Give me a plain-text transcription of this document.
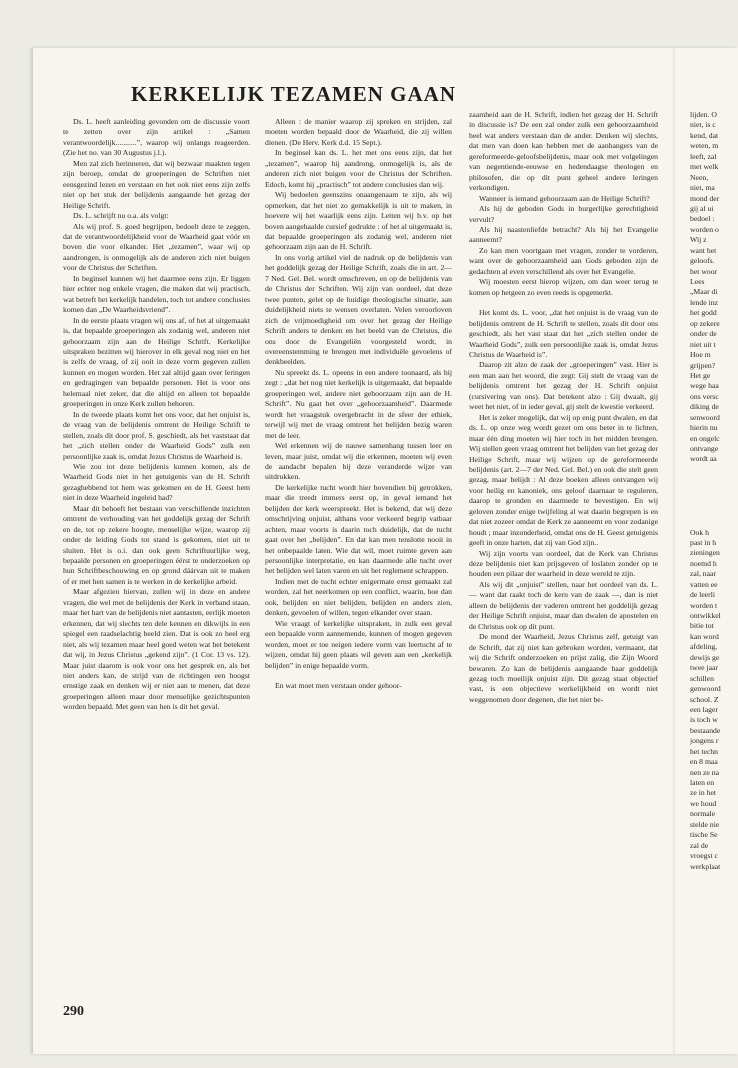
KERKELIJK TEZAMEN GAAN

Ds. L. heeft aanleiding gevonden om de discussie voort te zetten over zijn artikel : „Samen verantwoordelijk...........”, waarop wij onlangs reageerden. (Zie het no. van 30 Augustus j.l.).

Men zal zich herinneren, dat wij bezwaar maakten tegen zijn beroep, omdat de groeperingen de Schriften niet eensgezind lezen en verstaan en het ook niet eens zijn zelfs niet op het stuk der belijdenis aangaande het gezag der Heilige Schrift.

Ds. L. schrijft nu o.a. als volgt:

Als wij prof. S. goed begrijpen, bedoelt deze te zeggen, dat de verantwoordelijkheid voor de Waarheid gaat vóór en boven die voor elkander. Het „tezamen”, waar wij op aandrongen, is onmogelijk als de anderen zich niet buigen voor de Christus der Schriften.

In beginsel kunnen wij het daarmee eens zijn. Er liggen hier echter nog enkele vragen, die maken dat wij practisch, wat betreft het kerkelijk handelen, toch tot andere conclusies komen dan „De Waarheidsvriend”.

In de eerste plaats vragen wij ons af, of het al uitgemaakt is, dat bepaalde groeperingen als zodanig wel, anderen niet gehoorzaam zijn aan de Heilige Schrift. Kerkelijke uitspraken bezitten wij hierover in elk geval nog niet en het is zelfs de vraag, of zij ooit in deze vorm gegeven zullen kunnen en mogen worden. Het zal altijd gaan over leringen en gedragingen van bepaalde personen. Het is voor ons helemaal niet zeker, dat die altijd en alleen tot bepaalde groeperingen in onze Kerk zullen behoren.

In de tweede plaats komt het ons voor, dat het onjuist is, de vraag van de belijdenis omtrent de Heilige Schrift te stellen, zoals dit door prof. S. geschiedt, als het vaststaat dat het „zich stellen onder de Waarheid Gods” zulk een persoonlijke zaak is, omdat Jezus Christus de Waarheid is.

Wie zou tot deze belijdenis kunnen komen, als de Waarheid Gods niet in het getuigenis van de H. Schrift gezaghebbend tot hem was gekomen en de H. Geest hem niet in deze Waarheid ingeleid had?

Maar dit behoeft het bestaan van verschillende inzichten omtrent de verhouding van het goddelijk gezag der Schrift en de, tot op zekere hoogte, menselijke wijze, waarop zij onder de leiding Gods tot stand is gekomen, niet uit te sluiten. Het is o.i. dan ook geen Schriftuurlijke weg, bepaalde personen en groeperingen éérst te onderzoeken op hun Schriftbeschouwing en op grond dáárvan uit te maken of er met hen samen is te werken in de kerkelijke arbeid.

Maar afgezien hiervan, zullen wij in deze en andere vragen, die wel met de belijdenis der Kerk in verband staan, maar het hart van de belijdenis niet aantasten, eerlijk moeten erkennen, dat wij slechts ten dele kennen en dikwijls in een spiegel een raadselachtig beeld zien. Dat is ook zo heel erg niet, als wij tezamen maar heel goed weten wat het betekent dat wij, in Jezus Christus „gekend zijn”. (1 Cor. 13 vs. 12). Maar juist daarom is ook voor ons het gesprek en, als het niet anders kan, de strijd van de richtingen een hoogst ernstige zaak en denken wij er niet aan te menen, dat deze groeperingen alleen maar door menselijke gezichtspunten worden bepaald. Met geen van hen is dit het geval.

Alleen : de manier waarop zij spreken en strijden, zal moeten worden bepaald door de Waarheid, die zij willen dienen. (De Herv. Kerk d.d. 15 Sept.).

In beginsel kan ds. L. het met ons eens zijn, dat het „tezamen”, waarop hij aandrong, onmogelijk is, als de anderen zich niet buigen voor de Christus der Schriften. Edoch, komt hij „practisch” tot andere conclusies dan wij.

Wij bedoelen geenszins onaangenaam te zijn, als wij opmerken, dat het niet zo gemakkelijk is uit te maken, in hoevere wij het waarlijk eens zijn. Letten wij b.v. op het boven aangehaalde cursief gedrukte : of het al uitgemaakt is, dat bepaalde groeperingen als zodanig wel, anderen niet gehoorzaam zijn aan de H. Schrift.

In ons vorig artikel viel de nadruk op de belijdenis van het goddelijk gezag der Heilige Schrift, zoals die in art. 2—7 Ned. Gel. Bel. wordt omschreven, en op de belijdenis van de Christus der Schriften. Wij zijn van oordeel, dat deze twee punten, gelet op de huidige theologische situatie, aan duidelijkheid niets te wensen overlaten. Velen veroorloven zich de vrijmoedigheid om over het gezag der Heilige Schrift anders te denken en het beeld van de Christus, die ons door de Evangeliën voorgesteld wordt, in overeenstemming te brengen met individuële gevoelens of denkbeelden.

Nu spreekt ds. L. opeens in een andere toonaard, als hij zegt : „dat het nog niet kerkelijk is uitgemaakt, dat bepaalde groeperingen wel, andere niet gehoorzaam zijn aan de H. Schrift”. Nu gaat het over „gehoorzaamheid”. Daarmede wordt het vraagstuk overgebracht in de sfeer der ethiek, terwijl wij met de vraag omtrent het belijden bezig waren met de leer.

Wel erkennen wij de nauwe samenhang tussen leer en leven, maar juist, omdat wij die erkennen, moeten wij even de aandacht bepalen bij deze veranderde wijze van uitdrukken.

De kerkelijke tucht wordt hier bovendien bij getrokken, maar die treedt immers eerst op, in geval iemand het belijden der kerk weerspreekt. Het is bekend, dat wij deze omschrijving onjuist, althans voor verkeerd begrip vatbaar achten, maar voorts is daarin toch duidelijk, dat de tucht gaat over het „belijden”. En dat kan men tenslotte nooit in het onbepaalde laten. Wie dat wil, moet ruimte geven aan persoonlijke interpretatie, en kan daarmede alle tucht over het belijden wel laten varen en uit het reglement schrappen.

Indien met de tucht echter enigermate ernst gemaakt zal worden, zal het neerkomen op een conflict, waarin, hoe dan ook, belijden en niet belijden, belijden en anders zien, denken, gevoelen of willen, tegen elkander over staan.

Wie vraagt of kerkelijke uitspraken, in zulk een geval een bepaalde vorm aannemende, kunnen of mogen gegeven worden, moet er toe neigen iedere vorm van leertucht af te wijzen, omdat hij geen plaats wil geven aan een „kerkelijk belijden” in enige bepaalde vorm.

En wat moet men verstaan onder gehoor-

zaamheid aan de H. Schrift, indien het gezag der H. Schrift in discussie is? De een zal onder zulk een gehoorzaamheid heel wat anders verstaan dan de ander. Denken wij slechts, dat men van doen kan hebben met de aanhangers van de gereformeerde-geloofsbelijdenis, maar ook met volgelingen van negentiende-eeuwse en hedendaagse theologen en philosofen, die op dit punt geheel andere leringen verkondigen.

Wanneer is iemand gehoorzaam aan de Heilige Schrift?

Als hij de geboden Gods in burgerlijke gerechtigheid vervult?

Als hij naastenliefde betracht? Als hij het Evangelie aanneemt?

Zo kan men voortgaan met vragen, zonder te vorderen, want over de gehoorzaamheid aan Gods geboden zijn de gedachten al even verschillend als over het Evangelie.

Wij moesten eerst hierop wijzen, om dan weer terug te komen op hetgeen zo even reeds is opgemerkt.

Het komt ds. L. voor, „dat het onjuist is de vraag van de belijdenis omtrent de H. Schrift te stellen, zoals dit door ons geschiedt, als het vast staat dat het „zich stellen onder de Waarheid Gods”, zulk een persoonlijke zaak is, omdat Jezus Christus de Waarheid is”.

Daarop zit alzo de zaak der „groeperingen” vast. Hier is een man aan het woord, die zegt: Gij stelt de vraag van de belijdenis omtrent het gezag der H. Schrift onjuist (cursivering van ons). Dat betekent alzo : Gij dwaalt, gij weet het niet, of in ieder geval, gij stelt de kwestie verkeerd.

Het is zeker mogelijk, dat wij op enig punt dwalen, en dat ds. L. op onze weg wordt gezet om ons beter in te lichten, maar één ding moeten wij hier toch in het midden brengen. Wij stellen geen vraag omtrent het belijden van het gezag der Heilige Schrift, maar wij wijzen op de gereformeerde belijdenis (art. 2—7 der Ned. Gel. Bel.) en ook die stelt geen gezag, maar belijdt : Al deze boeken alleen ontvangen wij voor heilig en kanoniek, ons geloof daarnaar te reguleren, daarop te gronden en daarmede te bevestigen. En wij geloven zonder enige twijfeling al wat daarin begrepen is en dat niet zozeer omdat de Kerk ze aanneemt en voor zodanige houdt ; maar inzonderheid, omdat ons de H. Geest getuigenis geeft in onze harten, dat zij van God zijn..

Wij zijn voorts van oordeel, dat de Kerk van Christus deze belijdenis niet kan prijsgeven of loslaten zonder op te houden een pilaar der waarheid in deze wereld te zijn.

Als wij dit „onjuist” stellen, naar het oordeel van ds. L. — want dat raakt toch de kern van de zaak —, dan is niet alleen de belijdenis der vaderen omtrent het goddelijk gezag der Heilige Schrift onjuist, maar dan dwalen de apostelen en de Christus ook op dit punt.

De mond der Waarheid, Jezus Christus zelf, getuigt van de Schrift, dat zij niet kan gebroken worden, vermaant, dat wij die Schrift onderzoeken en prijst zalig, die Zijn Woord bewaren. Zo kan de belijdenis aangaande haar goddelijk gezag toch moeilijk onjuist zijn. Dit gezag staat objectief vast, is een objectieve werkelijkheid en wordt niet weggenomen door degenen, die het niet be-

lijden. O
niet, is c
kend, dat
weten, m
leeft, zal
met welk
Neen,
niet, ma
mond der
gij al ui
bedoel :
worden o
Wij z
want het
geloofs.
het woor
Lees
„Maar di
lende inz
het godd
op zekere
onder de
niet uit t
Hoe m
grijpen?
Het ge
wege haa
ons versc
diking de
senwoord
hierin nu
en ongelc
ontvange
wordt aa
Ook h
past in h
zieningen
noemd h
zal, naar
vatten ee
de leerli
worden t
ontwikkel
bitie tot
kan word
afdeling,
dewijs ge
twee jaar
schillen
genwoord
school. Z
een lager
is toch w
bestaande
jongens r
het techn
en 8 maa
nen ze na
laten en
ze in het
we houd
normale
stelde nie
tische Se
zal de
vroegst c
werkplaat
290
